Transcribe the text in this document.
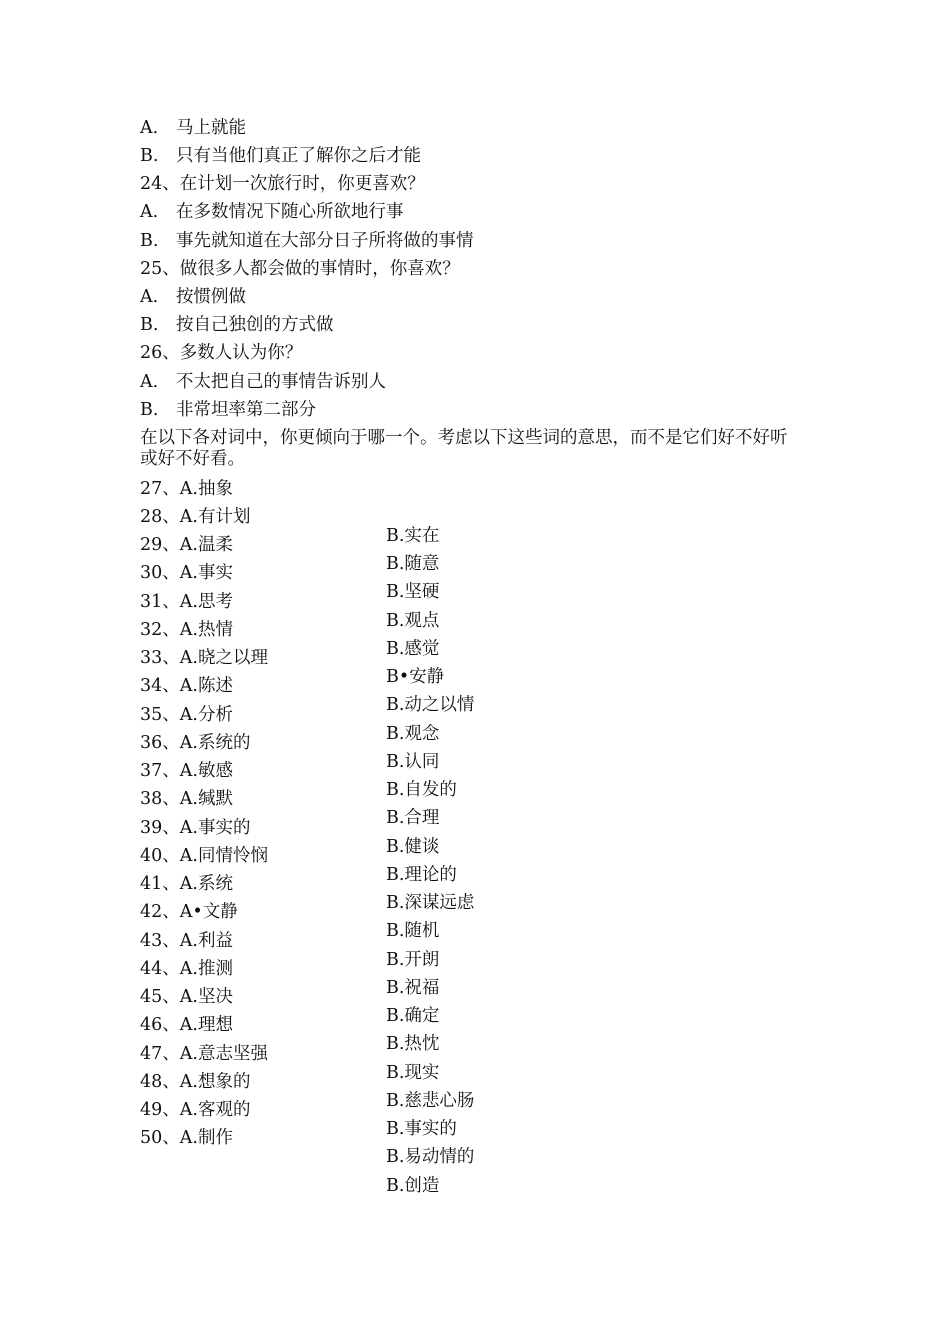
A. 马上就能
B. 只有当他们真正了解你之后才能
24、在计划一次旅行时，你更喜欢？
A. 在多数情况下随心所欲地行事
B. 事先就知道在大部分日子所将做的事情
25、做很多人都会做的事情时，你喜欢？
A. 按惯例做
B. 按自己独创的方式做
26、多数人认为你？
A. 不太把自己的事情告诉别人
B. 非常坦率第二部分
在以下各对词中，你更倾向于哪一个。考虑以下这些词的意思，而不是它们好不好听或好不好看。
27、A.抽象
28、A.有计划
29、A.温柔
30、A.事实
31、A.思考
32、A.热情
33、A.晓之以理
34、A.陈述
35、A.分析
36、A.系统的
37、A.敏感
38、A.缄默
39、A.事实的
40、A.同情怜悯
41、A.系统
42、A•文静
43、A.利益
44、A.推测
45、A.坚决
46、A.理想
47、A.意志坚强
48、A.想象的
49、A.客观的
50、A.制作
B.实在
B.随意
B.坚硬
B.观点
B.感觉
B•安静
B.动之以情
B.观念
B.认同
B.自发的
B.合理
B.健谈
B.理论的
B.深谋远虑
B.随机
B.开朗
B.祝福
B.确定
B.热忱
B.现实
B.慈悲心肠
B.事实的
B.易动情的
B.创造
